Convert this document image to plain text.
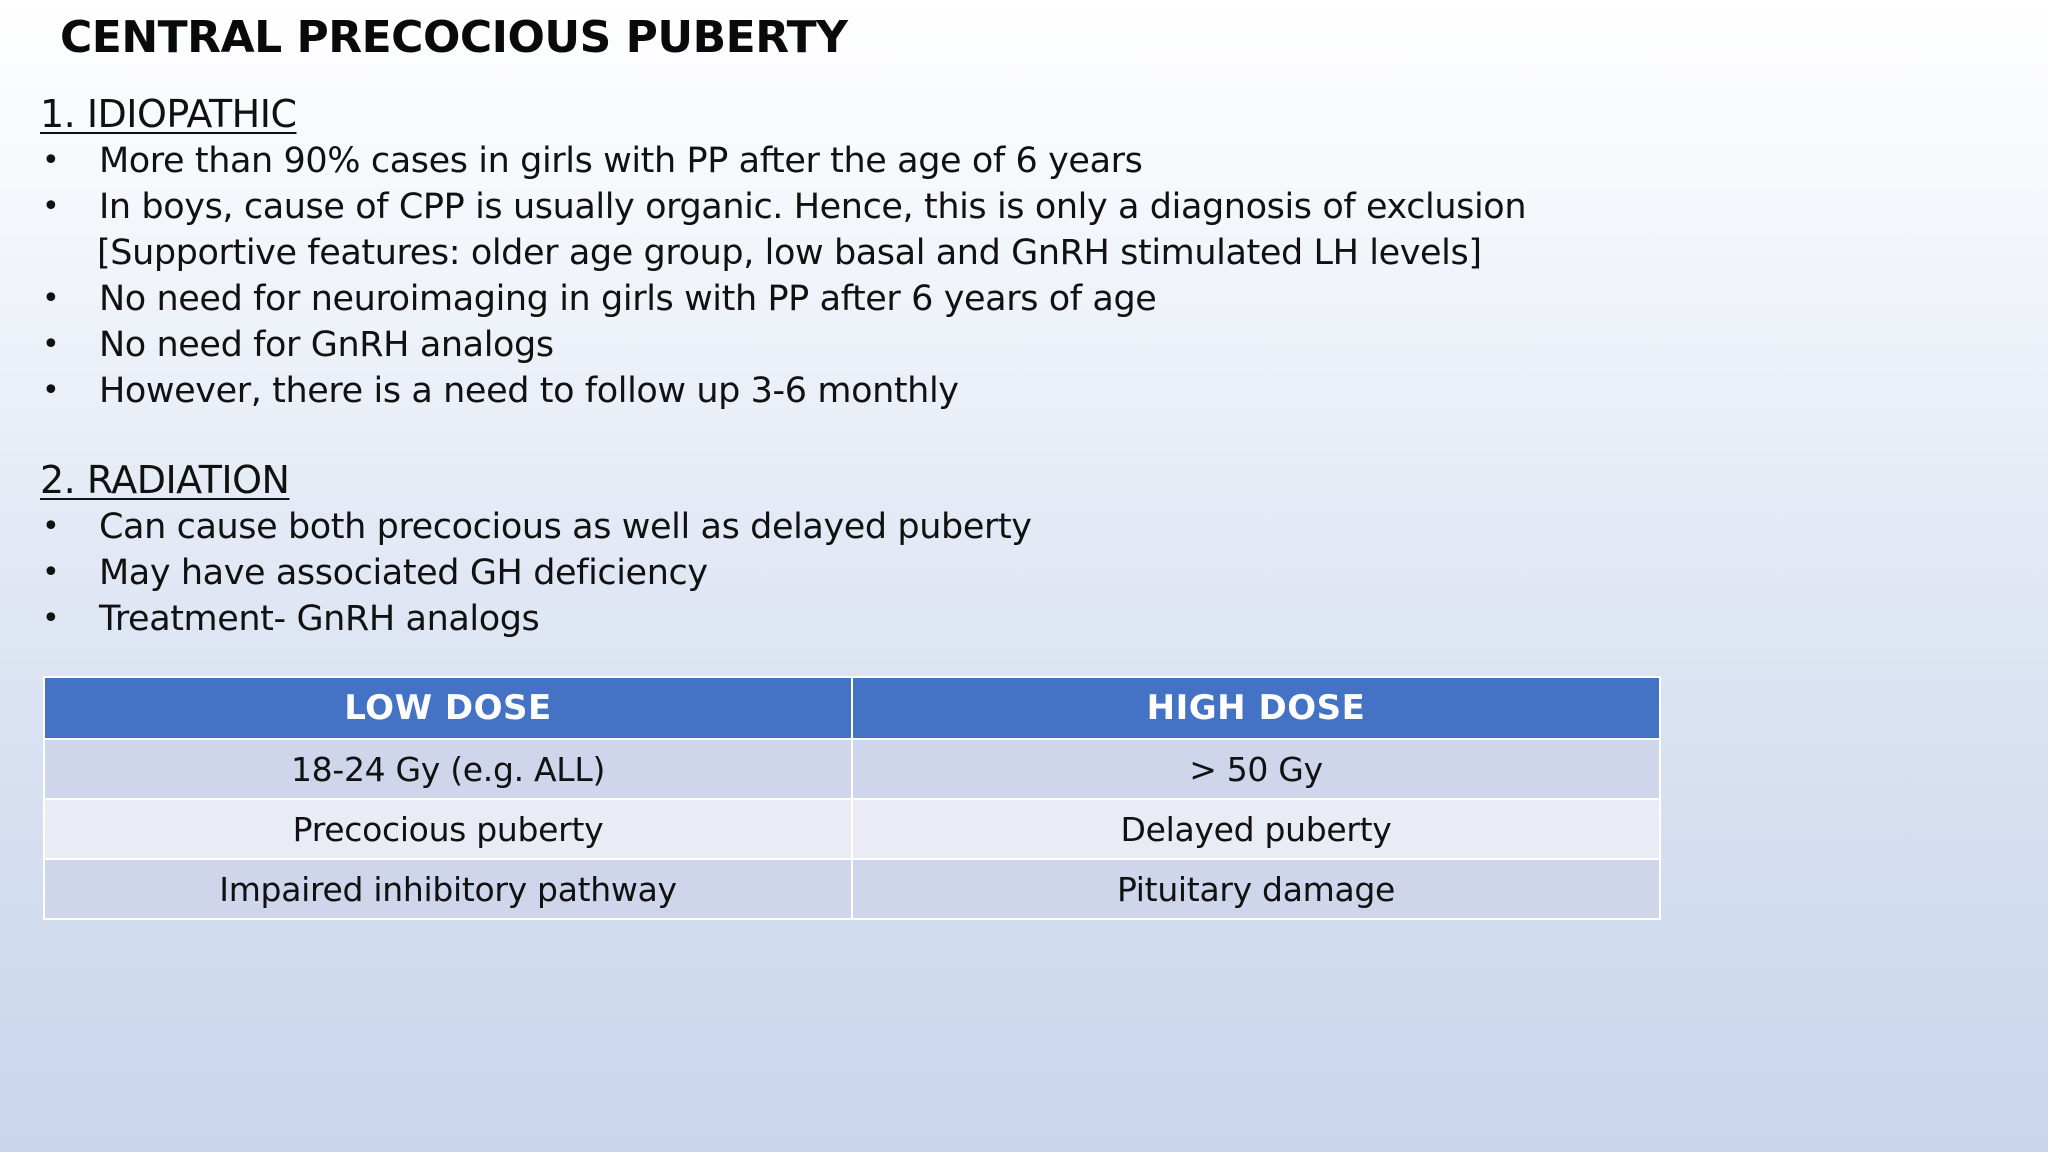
CENTRAL PRECOCIOUS PUBERTY
1. IDIOPATHIC
• More than 90% cases in girls with PP after the age of 6 years
• In boys, cause of CPP is usually organic. Hence, this is only a diagnosis of exclusion
[Supportive features: older age group, low basal and GnRH stimulated LH levels]
• No need for neuroimaging in girls with PP after 6 years of age
• No need for GnRH analogs
• However, there is a need to follow up 3-6 monthly
2. RADIATION
• Can cause both precocious as well as delayed puberty
• May have associated GH deficiency
• Treatment- GnRH analogs
LOW DOSE	HIGH DOSE
18-24 Gy (e.g. ALL)	> 50 Gy
Precocious puberty	Delayed puberty
Impaired inhibitory pathway	Pituitary damage
